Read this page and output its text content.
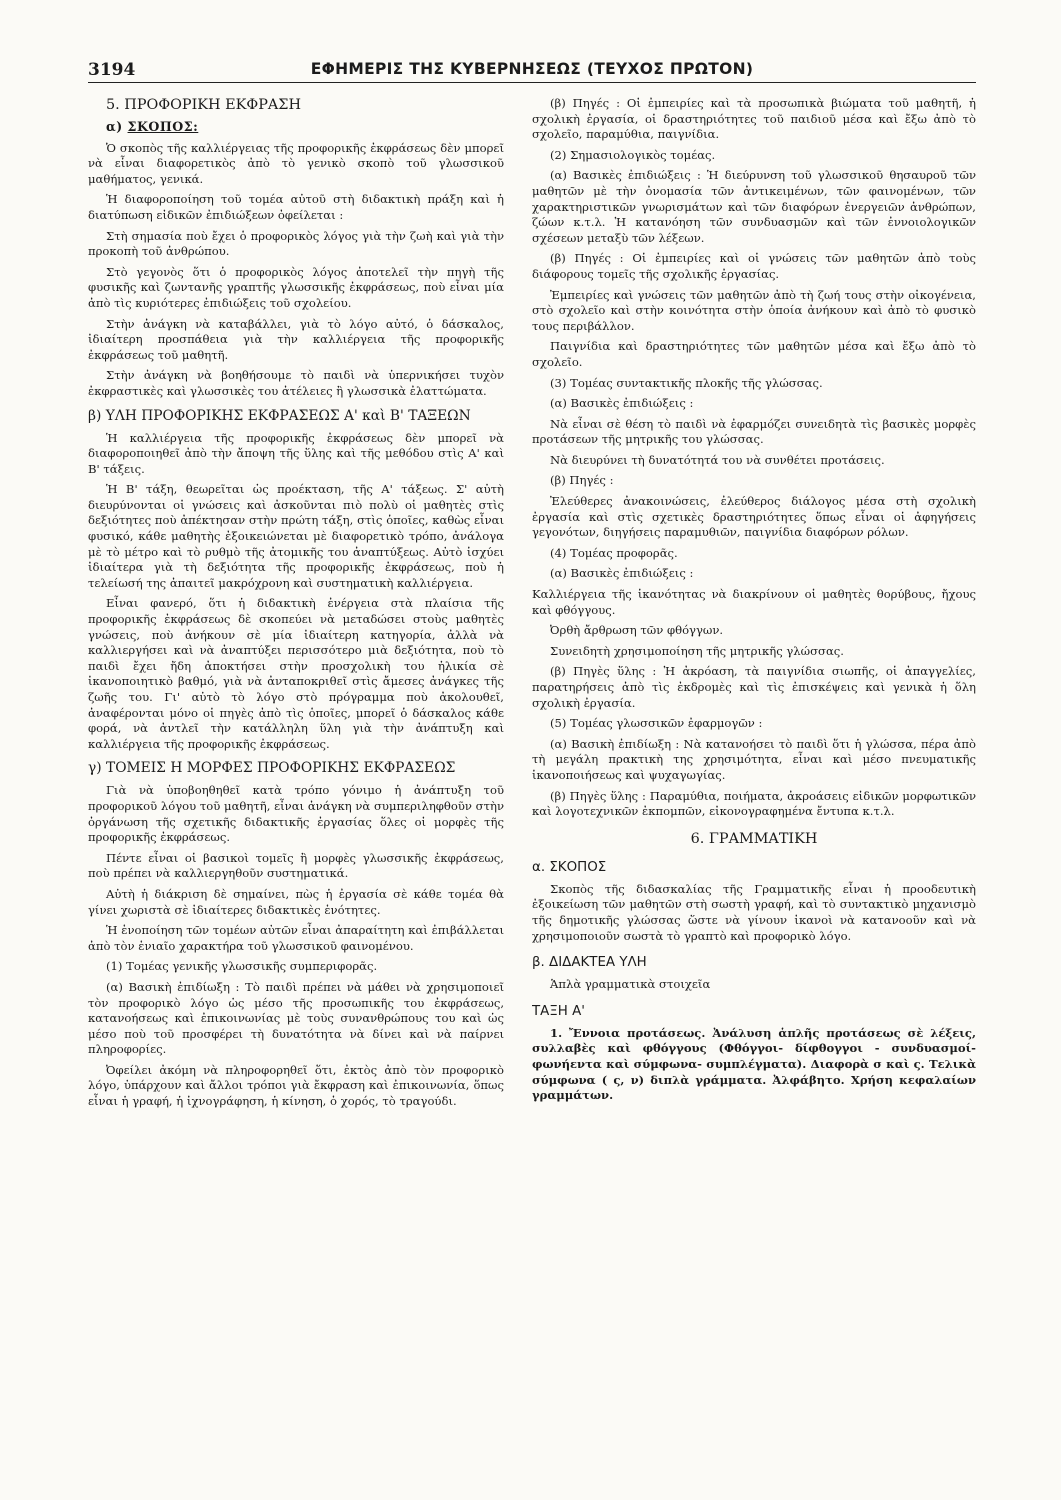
3194	ΕΦΗΜΕΡΙΣ ΤΗΣ ΚΥΒΕΡΝΗΣΕΩΣ (ΤΕΥΧΟΣ ΠΡΩΤΟΝ)
5. ΠΡΟΦΟΡΙΚΗ ΕΚΦΡΑΣΗ
α) ΣΚΟΠΟΣ:

Ὁ σκοπὸς τῆς καλλιέργειας τῆς προφορικῆς ἐκφράσεως δὲν μπορεῖ νὰ εἶναι διαφορετικὸς ἀπὸ τὸ γενικὸ σκοπὸ τοῦ γλωσσικοῦ μαθήματος, γενικά.

Ἡ διαφοροποίηση τοῦ τομέα αὐτοῦ στὴ διδακτικὴ πράξη καὶ ἡ διατύπωση εἰδικῶν ἐπιδιώξεων ὀφείλεται :

Στὴ σημασία ποὺ ἔχει ὁ προφορικὸς λόγος γιὰ τὴν ζωὴ καὶ γιὰ τὴν προκοπὴ τοῦ ἀνθρώπου.

Στὸ γεγονὸς ὅτι ὁ προφορικὸς λόγος ἀποτελεῖ τὴν πηγὴ τῆς φυσικῆς καὶ ζωντανῆς γραπτῆς γλωσσικῆς ἐκφράσεως, ποὺ εἶναι μία ἀπὸ τὶς κυριότερες ἐπιδιώξεις τοῦ σχολείου.

Στὴν ἀνάγκη νὰ καταβάλλει, γιὰ τὸ λόγο αὐτό, ὁ δάσκαλος, ἰδιαίτερη προσπάθεια γιὰ τὴν καλλιέργεια τῆς προφορικῆς ἐκφράσεως τοῦ μαθητῆ.

Στὴν ἀνάγκη νὰ βοηθήσουμε τὸ παιδὶ νὰ ὑπερνικήσει τυχὸν ἐκφραστικὲς καὶ γλωσσικὲς του ἀτέλειες ἢ γλωσσικὰ ἐλαττώματα.

β) ΥΛΗ ΠΡΟΦΟΡΙΚΗΣ ΕΚΦΡΑΣΕΩΣ Α' καὶ Β' ΤΑΞΕΩΝ

Ἡ καλλιέργεια τῆς προφορικῆς ἐκφράσεως δὲν μπορεῖ νὰ διαφοροποιηθεῖ ἀπὸ τὴν ἄποψη τῆς ὕλης καὶ τῆς μεθόδου στὶς Α' καὶ Β' τάξεις.

Ἡ Β' τάξη, θεωρεῖται ὡς προέκταση, τῆς Α' τάξεως. Σ' αὐτὴ διευρύνονται οἱ γνώσεις καὶ ἀσκοῦνται πιὸ πολὺ οἱ μαθητὲς στὶς δεξιότητες ποὺ ἀπέκτησαν στὴν πρώτη τάξη, στὶς ὁποῖες, καθὼς εἶναι φυσικό, κάθε μαθητὴς ἐξοικειώνεται μὲ διαφορετικὸ τρόπο, ἀνάλογα μὲ τὸ μέτρο καὶ τὸ ρυθμὸ τῆς ἀτομικῆς του ἀναπτύξεως. Αὐτὸ ἰσχύει ἰδιαίτερα γιὰ τὴ δεξιότητα τῆς προφορικῆς ἐκφράσεως, ποὺ ἡ τελείωσή της ἀπαιτεῖ μακρόχρονη καὶ συστηματικὴ καλλιέργεια.

Εἶναι φανερό, ὅτι ἡ διδακτικὴ ἐνέργεια στὰ πλαίσια τῆς προφορικῆς ἐκφράσεως δὲ σκοπεύει νὰ μεταδώσει στοὺς μαθητὲς γνώσεις, ποὺ ἀνήκουν σὲ μία ἰδιαίτερη κατηγορία, ἀλλὰ νὰ καλλιεργήσει καὶ νὰ ἀναπτύξει περισσότερο μιὰ δεξιότητα, ποὺ τὸ παιδὶ ἔχει ἤδη ἀποκτήσει στὴν προσχολικὴ του ἡλικία σὲ ἱκανοποιητικὸ βαθμό, γιὰ νὰ ἀνταποκριθεῖ στὶς ἄμεσες ἀνάγκες τῆς ζωῆς του. Γι' αὐτὸ τὸ λόγο στὸ πρόγραμμα ποὺ ἀκολουθεῖ, ἀναφέρονται μόνο οἱ πηγὲς ἀπὸ τὶς ὁποῖες, μπορεῖ ὁ δάσκαλος κάθε φορά, νὰ ἀντλεῖ τὴν κατάλληλη ὕλη γιὰ τὴν ἀνάπτυξη καὶ καλλιέργεια τῆς προφορικῆς ἐκφράσεως.

γ) ΤΟΜΕΙΣ Η ΜΟΡΦΕΣ ΠΡΟΦΟΡΙΚΗΣ ΕΚΦΡΑΣΕΩΣ

Γιὰ νὰ ὑποβοηθηθεῖ κατὰ τρόπο γόνιμο ἡ ἀνάπτυξη τοῦ προφορικοῦ λόγου τοῦ μαθητῆ, εἶναι ἀνάγκη νὰ συμπεριληφθοῦν στὴν ὀργάνωση τῆς σχετικῆς διδακτικῆς ἐργασίας ὅλες οἱ μορφὲς τῆς προφορικῆς ἐκφράσεως.

Πέντε εἶναι οἱ βασικοὶ τομεῖς ἢ μορφὲς γλωσσικῆς ἐκφράσεως, ποὺ πρέπει νὰ καλλιεργηθοῦν συστηματικά.

Αὐτὴ ἡ διάκριση δὲ σημαίνει, πὼς ἡ ἐργασία σὲ κάθε τομέα θὰ γίνει χωριστὰ σὲ ἰδιαίτερες διδακτικὲς ἑνότητες.

Ἡ ἑνοποίηση τῶν τομέων αὐτῶν εἶναι ἀπαραίτητη καὶ ἐπιβάλλεται ἀπὸ τὸν ἑνιαῖο χαρακτήρα τοῦ γλωσσικοῦ φαινομένου.

(1) Τομέας γενικῆς γλωσσικῆς συμπεριφορᾶς.

(α) Βασικὴ ἐπιδίωξη : Τὸ παιδὶ πρέπει νὰ μάθει νὰ χρησιμοποιεῖ τὸν προφορικὸ λόγο ὡς μέσο τῆς προσωπικῆς του ἐκφράσεως, κατανοήσεως καὶ ἐπικοινωνίας μὲ τοὺς συνανθρώπους του καὶ ὡς μέσο ποὺ τοῦ προσφέρει τὴ δυνατότητα νὰ δίνει καὶ νὰ παίρνει πληροφορίες.

Ὀφείλει ἀκόμη νὰ πληροφορηθεῖ ὅτι, ἐκτὸς ἀπὸ τὸν προφορικὸ λόγο, ὑπάρχουν καὶ ἄλλοι τρόποι γιὰ ἔκφραση καὶ ἐπικοινωνία, ὅπως εἶναι ἡ γραφή, ἡ ἰχνογράφηση, ἡ κίνηση, ὁ χορός, τὸ τραγούδι.

(β) Πηγές : Οἱ ἐμπειρίες καὶ τὰ προσωπικὰ βιώματα τοῦ μαθητῆ, ἡ σχολικὴ ἐργασία, οἱ δραστηριότητες τοῦ παιδιοῦ μέσα καὶ ἔξω ἀπὸ τὸ σχολεῖο, παραμύθια, παιγνίδια.

(2) Σημασιολογικὸς τομέας.

(α) Βασικὲς ἐπιδιώξεις : Ἡ διεύρυνση τοῦ γλωσσικοῦ θησαυροῦ τῶν μαθητῶν μὲ τὴν ὀνομασία τῶν ἀντικειμένων, τῶν φαινομένων, τῶν χαρακτηριστικῶν γνωρισμάτων καὶ τῶν διαφόρων ἐνεργειῶν ἀνθρώπων, ζώων κ.τ.λ. Ἡ κατανόηση τῶν συνδυασμῶν καὶ τῶν ἐννοιολογικῶν σχέσεων μεταξὺ τῶν λέξεων.

(β) Πηγές : Οἱ ἐμπειρίες καὶ οἱ γνώσεις τῶν μαθητῶν ἀπὸ τοὺς διάφορους τομεῖς τῆς σχολικῆς ἐργασίας.

Ἐμπειρίες καὶ γνώσεις τῶν μαθητῶν ἀπὸ τὴ ζωή τους στὴν οἰκογένεια, στὸ σχολεῖο καὶ στὴν κοινότητα στὴν ὁποία ἀνήκουν καὶ ἀπὸ τὸ φυσικὸ τους περιβάλλον.

Παιγνίδια καὶ δραστηριότητες τῶν μαθητῶν μέσα καὶ ἔξω ἀπὸ τὸ σχολεῖο.

(3) Τομέας συντακτικῆς πλοκῆς τῆς γλώσσας.

(α) Βασικὲς ἐπιδιώξεις :

Νὰ εἶναι σὲ θέση τὸ παιδὶ νὰ ἐφαρμόζει συνειδητὰ τὶς βασικὲς μορφὲς προτάσεων τῆς μητρικῆς του γλώσσας.

Νὰ διευρύνει τὴ δυνατότητά του νὰ συνθέτει προτάσεις.

(β) Πηγές :

Ἐλεύθερες ἀνακοινώσεις, ἐλεύθερος διάλογος μέσα στὴ σχολικὴ ἐργασία καὶ στὶς σχετικὲς δραστηριότητες ὅπως εἶναι οἱ ἀφηγήσεις γεγονότων, διηγήσεις παραμυθιῶν, παιγνίδια διαφόρων ρόλων.

(4) Τομέας προφορᾶς.

(α) Βασικὲς ἐπιδιώξεις :

Καλλιέργεια τῆς ἱκανότητας νὰ διακρίνουν οἱ μαθητὲς θορύβους, ἤχους καὶ φθόγγους.

Ὀρθὴ ἄρθρωση τῶν φθόγγων.

Συνειδητὴ χρησιμοποίηση τῆς μητρικῆς γλώσσας.

(β) Πηγὲς ὕλης : Ἡ ἀκρόαση, τὰ παιγνίδια σιωπῆς, οἱ ἀπαγγελίες, παρατηρήσεις ἀπὸ τὶς ἐκδρομὲς καὶ τὶς ἐπισκέψεις καὶ γενικὰ ἡ ὅλη σχολικὴ ἐργασία.

(5) Τομέας γλωσσικῶν ἐφαρμογῶν :

(α) Βασικὴ ἐπιδίωξη : Νὰ κατανοήσει τὸ παιδὶ ὅτι ἡ γλώσσα, πέρα ἀπὸ τὴ μεγάλη πρακτικὴ της χρησιμότητα, εἶναι καὶ μέσο πνευματικῆς ἱκανοποιήσεως καὶ ψυχαγωγίας.

(β) Πηγὲς ὕλης : Παραμύθια, ποιήματα, ἀκροάσεις εἰδικῶν μορφωτικῶν καὶ λογοτεχνικῶν ἐκπομπῶν, εἰκονογραφημένα ἔντυπα κ.τ.λ.

6. ΓΡΑΜΜΑΤΙΚΗ
α. ΣΚΟΠΟΣ

Σκοπὸς τῆς διδασκαλίας τῆς Γραμματικῆς εἶναι ἡ προοδευτικὴ ἐξοικείωση τῶν μαθητῶν στὴ σωστὴ γραφή, καὶ τὸ συντακτικὸ μηχανισμὸ τῆς δημοτικῆς γλώσσας ὥστε νὰ γίνουν ἱκανοὶ νὰ κατανοοῦν καὶ νὰ χρησιμοποιοῦν σωστὰ τὸ γραπτὸ καὶ προφορικὸ λόγο.

β. ΔΙΔΑΚΤΕΑ ΥΛΗ

Ἁπλὰ γραμματικὰ στοιχεῖα

ΤΑΞΗ Α'

1. Ἔννοια προτάσεως. Ἀνάλυση ἁπλῆς προτάσεως σὲ λέξεις, συλλαβὲς καὶ φθόγγους (Φθόγγοι- δίφθογγοι - συνδυασμοί- φωνήεντα καὶ σύμφωνα- συμπλέγματα). Διαφορὰ σ καὶ ς. Τελικὰ σύμφωνα ( ς, ν) διπλὰ γράμματα. Ἀλφάβητο. Χρήση κεφαλαίων γραμμάτων.
